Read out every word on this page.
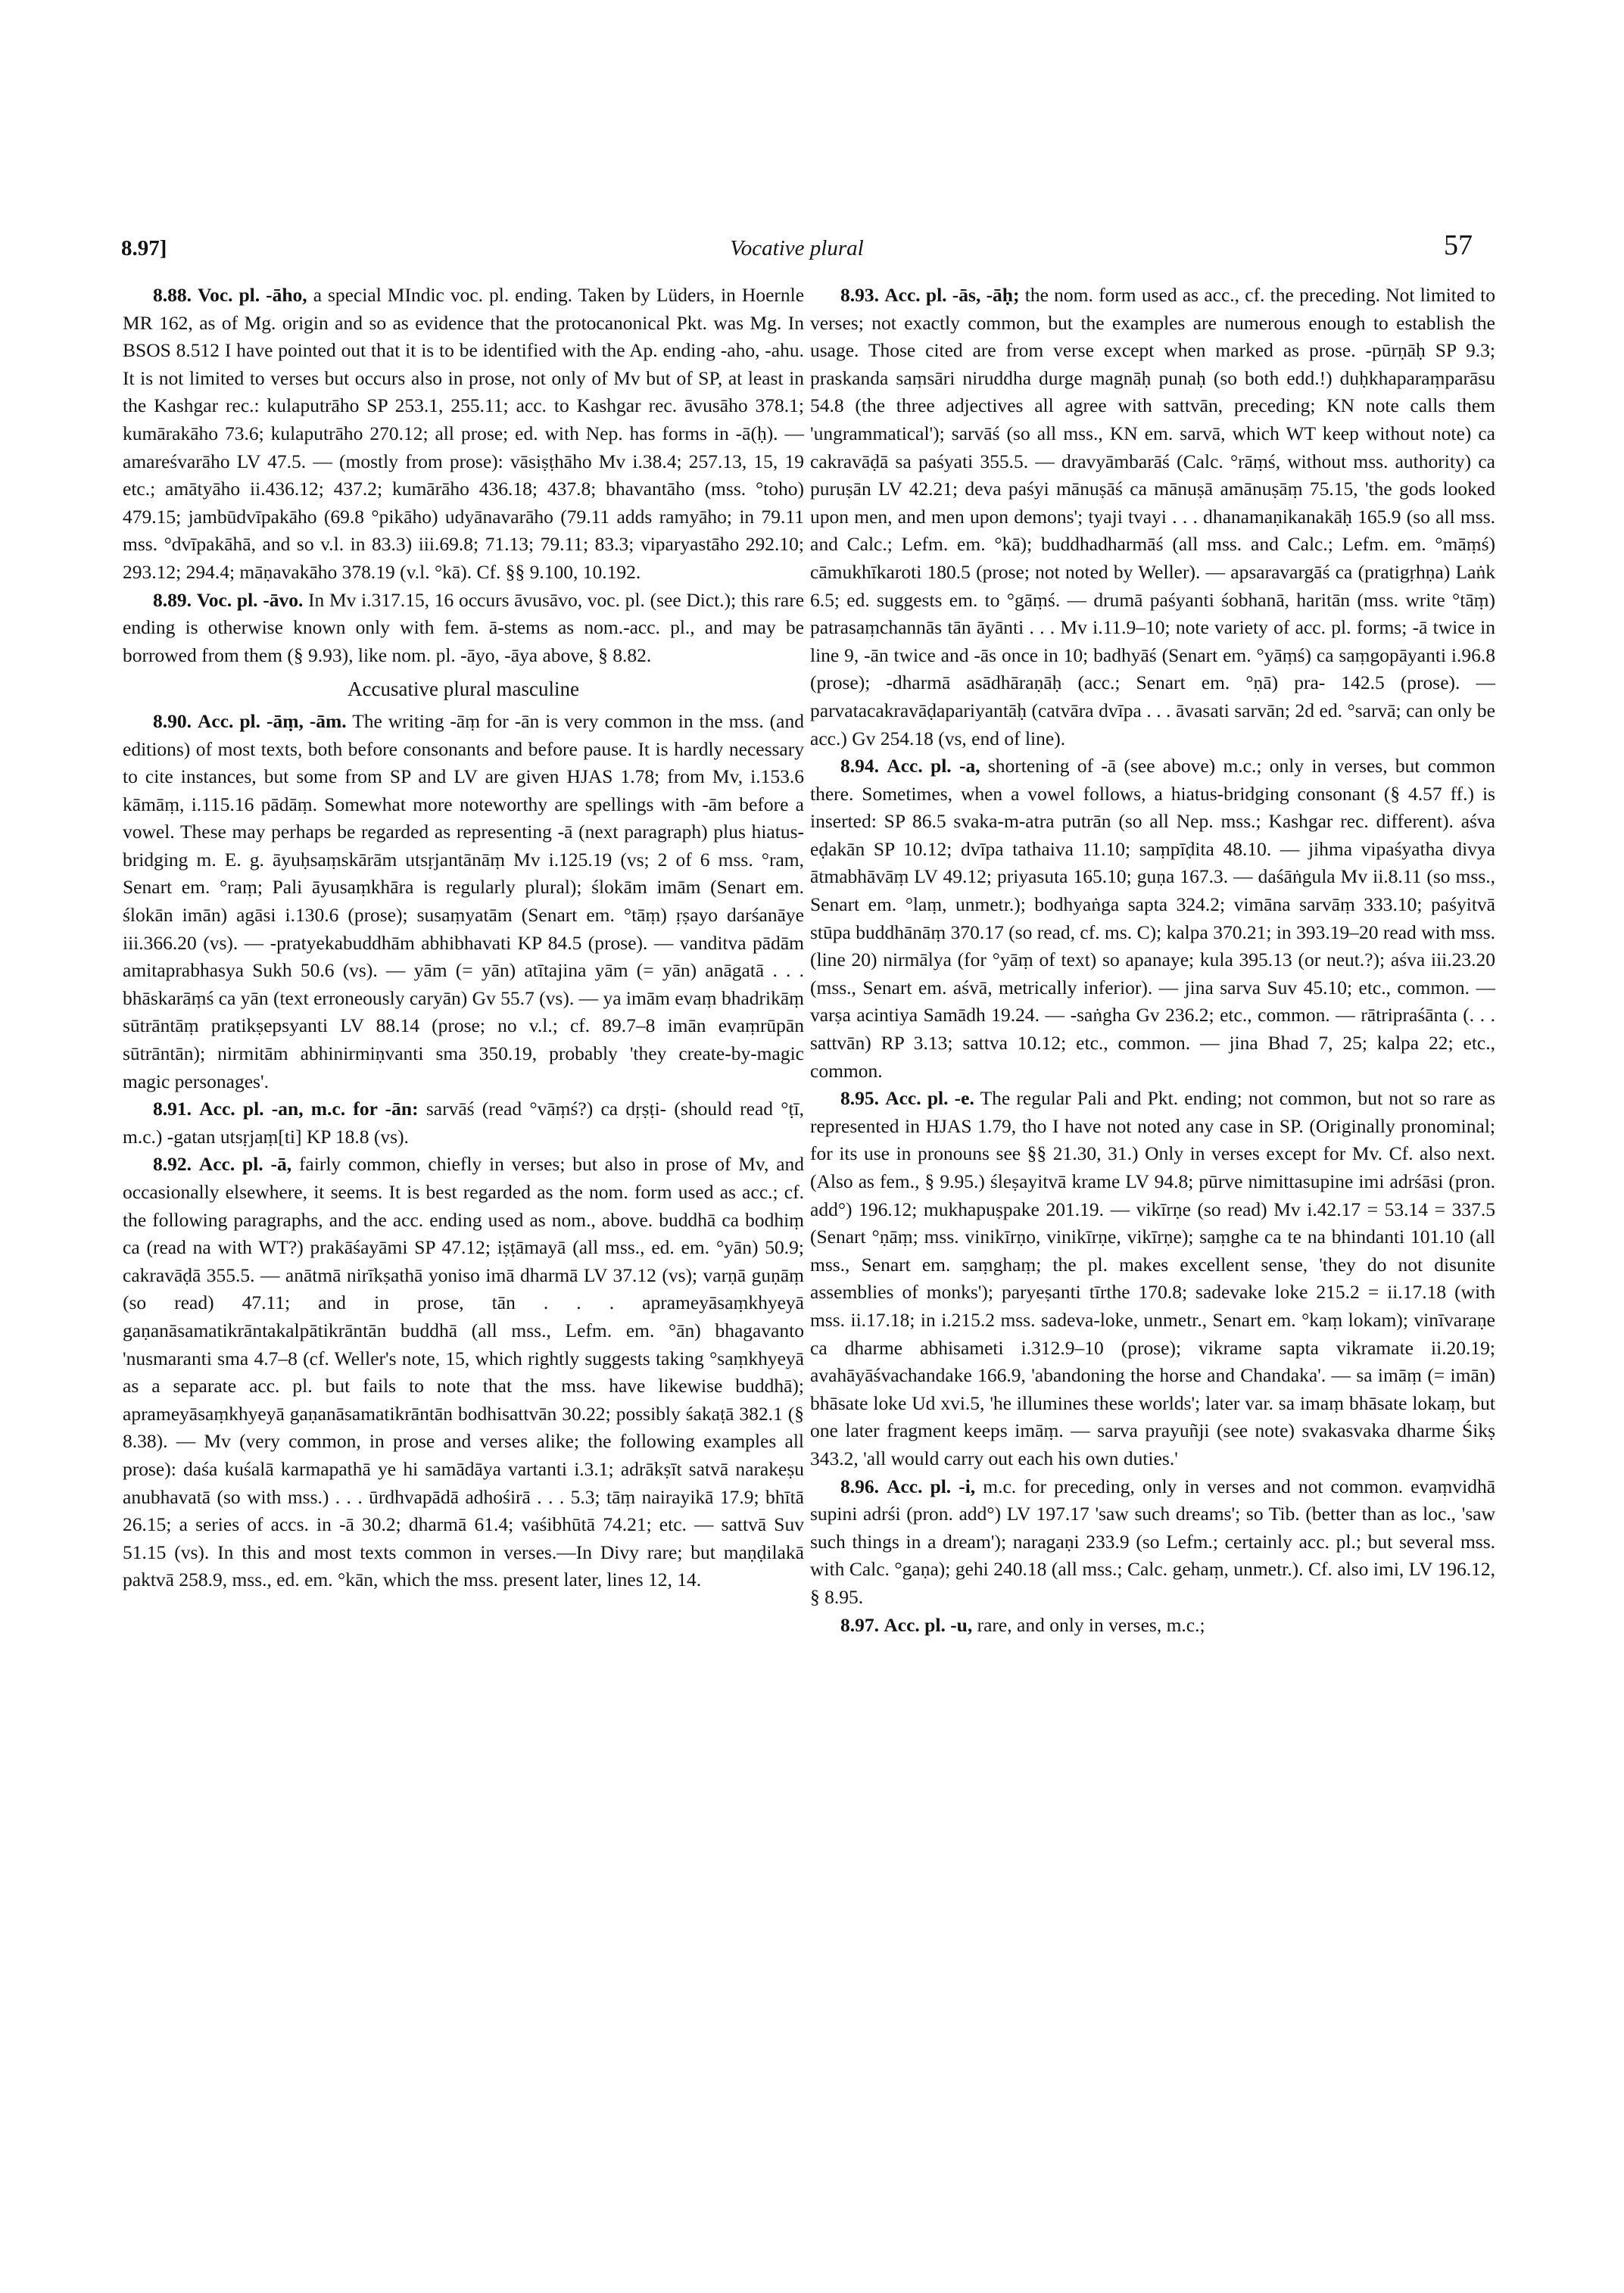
8.97]	Vocative plural	57

8.88. Voc. pl. -āho, a special MIndic voc. pl. ending. Taken by Lüders, in Hoernle MR 162, as of Mg. origin and so as evidence that the protocanonical Pkt. was Mg. In BSOS 8.512 I have pointed out that it is to be identified with the Ap. ending -aho, -ahu. It is not limited to verses but occurs also in prose, not only of Mv but of SP, at least in the Kashgar rec.: kulaputrāho SP 253.1, 255.11; acc. to Kashgar rec. āvusāho 378.1; kumārakāho 73.6; kulaputrāho 270.12; all prose; ed. with Nep. has forms in -ā(ḥ). — amareśvarāho LV 47.5. — (mostly from prose): vāsiṣṭhāho Mv i.38.4; 257.13, 15, 19 etc.; amātyāho ii.436.12; 437.2; kumārāho 436.18; 437.8; bhavantāho (mss. °toho) 479.15; jambūdvīpakāho (69.8 °pikāho) udyānavarāho (79.11 adds ramyāho; in 79.11 mss. °dvīpakāhā, and so v.l. in 83.3) iii.69.8; 71.13; 79.11; 83.3; viparyastāho 292.10; 293.12; 294.4; māṇavakāho 378.19 (v.l. °kā). Cf. §§ 9.100, 10.192.

8.89. Voc. pl. -āvo. In Mv i.317.15, 16 occurs āvusāvo, voc. pl. (see Dict.); this rare ending is otherwise known only with fem. ā-stems as nom.-acc. pl., and may be borrowed from them (§ 9.93), like nom. pl. -āyo, -āya above, § 8.82.

Accusative plural masculine

8.90. Acc. pl. -āṃ, -ām. The writing -āṃ for -ān is very common in the mss. (and editions) of most texts, both before consonants and before pause. It is hardly necessary to cite instances, but some from SP and LV are given HJAS 1.78; from Mv, i.153.6 kāmāṃ, i.115.16 pādāṃ. Somewhat more noteworthy are spellings with -ām before a vowel. These may perhaps be regarded as representing -ā (next paragraph) plus hiatus-bridging m. E. g. āyuḥsaṃskārām utsṛjantānāṃ Mv i.125.19 (vs; 2 of 6 mss. °ram, Senart em. °raṃ; Pali āyusaṃkhāra is regularly plural); ślokām imām (Senart em. ślokān imān) agāsi i.130.6 (prose); susaṃyatām (Senart em. °tāṃ) ṛṣayo darśanāye iii.366.20 (vs). — -pratyekabuddhām abhibhavati KP 84.5 (prose). — vanditva pādām amitaprabhasya Sukh 50.6 (vs). — yām (= yān) atītajina yām (= yān) anāgatā . . . bhāskarāṃś ca yān (text erroneously caryān) Gv 55.7 (vs). — ya imām evaṃ bhadrikāṃ sūtrāntāṃ pratikṣepsyanti LV 88.14 (prose; no v.l.; cf. 89.7–8 imān evaṃrūpān sūtrāntān); nirmitām abhinirmiṇvanti sma 350.19, probably 'they create-by-magic magic personages'.

8.91. Acc. pl. -an, m.c. for -ān: sarvāś (read °vāṃś?) ca dṛṣṭi- (should read °ṭī, m.c.) -gatan utsṛjaṃ[ti] KP 18.8 (vs).

8.92. Acc. pl. -ā, fairly common, chiefly in verses; but also in prose of Mv, and occasionally elsewhere, it seems. It is best regarded as the nom. form used as acc.; cf. the following paragraphs, and the acc. ending used as nom., above. buddhā ca bodhiṃ ca (read na with WT?) prakāśayāmi SP 47.12; iṣṭāmayā (all mss., ed. em. °yān) 50.9; cakravāḍā 355.5. — anātmā nirīkṣathā yoniso imā dharmā LV 37.12 (vs); varṇā guṇāṃ (so read) 47.11; and in prose, tān . . . aprameyāsaṃkhyeyā gaṇanāsamatikrāntakalpātikrāntān buddhā (all mss., Lefm. em. °ān) bhagavanto 'nusmaranti sma 4.7–8 (cf. Weller's note, 15, which rightly suggests taking °saṃkhyeyā as a separate acc. pl. but fails to note that the mss. have likewise buddhā); aprameyāsaṃkhyeyā gaṇanāsamatikrāntān bodhisattvān 30.22; possibly śakaṭā 382.1 (§ 8.38). — Mv (very common, in prose and verses alike; the following examples all prose): daśa kuśalā karmapathā ye hi samādāya vartanti i.3.1; adrākṣīt satvā narakeṣu anubhavatā (so with mss.) . . . ūrdhvapādā adhośirā . . . 5.3; tāṃ nairayikā 17.9; bhītā 26.15; a series of accs. in -ā 30.2; dharmā 61.4; vaśibhūtā 74.21; etc. — sattvā Suv 51.15 (vs). In this and most texts common in verses.—In Divy rare; but maṇḍilakā paktvā 258.9, mss., ed. em. °kān, which the mss. present later, lines 12, 14.

8.93. Acc. pl. -ās, -āḥ; the nom. form used as acc., cf. the preceding. Not limited to verses; not exactly common, but the examples are numerous enough to establish the usage. Those cited are from verse except when marked as prose. -pūrṇāḥ SP 9.3; praskanda saṃsāri niruddha durge magnāḥ punaḥ (so both edd.!) duḥkhaparaṃparāsu 54.8 (the three adjectives all agree with sattvān, preceding; KN note calls them 'ungrammatical'); sarvāś (so all mss., KN em. sarvā, which WT keep without note) ca cakravāḍā sa paśyati 355.5. — dravyāmbarāś (Calc. °rāṃś, without mss. authority) ca puruṣān LV 42.21; deva paśyi mānuṣāś ca mānuṣā amānuṣāṃ 75.15, 'the gods looked upon men, and men upon demons'; tyaji tvayi . . . dhanamaṇikanakāḥ 165.9 (so all mss. and Calc.; Lefm. em. °kā); buddhadharmāś (all mss. and Calc.; Lefm. em. °māṃś) cāmukhīkaroti 180.5 (prose; not noted by Weller). — apsaravargāś ca (pratigṛhṇa) Laṅk 6.5; ed. suggests em. to °gāṃś. — drumā paśyanti śobhanā, haritān (mss. write °tāṃ) patrasaṃchannās tān āyānti . . . Mv i.11.9–10; note variety of acc. pl. forms; -ā twice in line 9, -ān twice and -ās once in 10; badhyāś (Senart em. °yāṃś) ca saṃgopāyanti i.96.8 (prose); -dharmā asādhāraṇāḥ (acc.; Senart em. °ṇā) pra- 142.5 (prose). — parvatacakravāḍapariyantāḥ (catvāra dvīpa . . . āvasati sarvān; 2d ed. °sarvā; can only be acc.) Gv 254.18 (vs, end of line).

8.94. Acc. pl. -a, shortening of -ā (see above) m.c.; only in verses, but common there. Sometimes, when a vowel follows, a hiatus-bridging consonant (§ 4.57 ff.) is inserted: SP 86.5 svaka-m-atra putrān (so all Nep. mss.; Kashgar rec. different). aśva eḍakān SP 10.12; dvīpa tathaiva 11.10; saṃpīḍita 48.10. — jihma vipaśyatha divya ātmabhāvāṃ LV 49.12; priyasuta 165.10; guṇa 167.3. — daśāṅgula Mv ii.8.11 (so mss., Senart em. °laṃ, unmetr.); bodhyaṅga sapta 324.2; vimāna sarvāṃ 333.10; paśyitvā stūpa buddhānāṃ 370.17 (so read, cf. ms. C); kalpa 370.21; in 393.19–20 read with mss. (line 20) nirmālya (for °yāṃ of text) so apanaye; kula 395.13 (or neut.?); aśva iii.23.20 (mss., Senart em. aśvā, metrically inferior). — jina sarva Suv 45.10; etc., common. — varṣa acintiya Samādh 19.24. — -saṅgha Gv 236.2; etc., common. — rātripraśānta (. . . sattvān) RP 3.13; sattva 10.12; etc., common. — jina Bhad 7, 25; kalpa 22; etc., common.

8.95. Acc. pl. -e. The regular Pali and Pkt. ending; not common, but not so rare as represented in HJAS 1.79, tho I have not noted any case in SP. (Originally pronominal; for its use in pronouns see §§ 21.30, 31.) Only in verses except for Mv. Cf. also next. (Also as fem., § 9.95.) śleṣayitvā krame LV 94.8; pūrve nimittasupine imi adrśāsi (pron. add°) 196.12; mukhapuṣpake 201.19. — vikīrṇe (so read) Mv i.42.17 = 53.14 = 337.5 (Senart °ṇāṃ; mss. vinikīrṇo, vinikīrṇe, vikīrṇe); saṃghe ca te na bhindanti 101.10 (all mss., Senart em. saṃghaṃ; the pl. makes excellent sense, 'they do not disunite assemblies of monks'); paryeṣanti tīrthe 170.8; sadevake loke 215.2 = ii.17.18 (with mss. ii.17.18; in i.215.2 mss. sadeva-loke, unmetr., Senart em. °kaṃ lokam); vinīvaraṇe ca dharme abhisameti i.312.9–10 (prose); vikrame sapta vikramate ii.20.19; avahāyāśvachandake 166.9, 'abandoning the horse and Chandaka'. — sa imāṃ (= imān) bhāsate loke Ud xvi.5, 'he illumines these worlds'; later var. sa imaṃ bhāsate lokaṃ, but one later fragment keeps imāṃ. — sarva prayuñji (see note) svakasvaka dharme Śikṣ 343.2, 'all would carry out each his own duties.'

8.96. Acc. pl. -i, m.c. for preceding, only in verses and not common. evaṃvidhā supini adrśi (pron. add°) LV 197.17 'saw such dreams'; so Tib. (better than as loc., 'saw such things in a dream'); naragaṇi 233.9 (so Lefm.; certainly acc. pl.; but several mss. with Calc. °gaṇa); gehi 240.18 (all mss.; Calc. gehaṃ, unmetr.). Cf. also imi, LV 196.12, § 8.95.

8.97. Acc. pl. -u, rare, and only in verses, m.c.;
